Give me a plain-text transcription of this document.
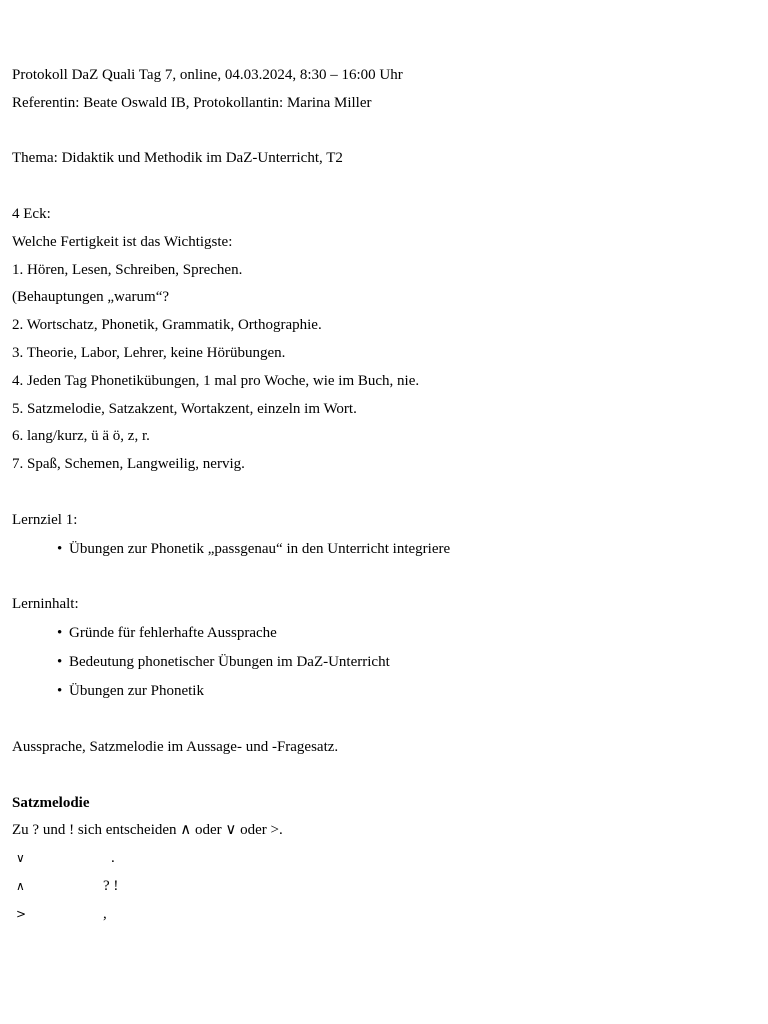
Protokoll DaZ Quali Tag 7, online, 04.03.2024, 8:30 – 16:00 Uhr
Referentin: Beate Oswald IB, Protokollantin: Marina Miller
Thema: Didaktik und Methodik im DaZ-Unterricht, T2
4 Eck:
Welche Fertigkeit ist das Wichtigste:
1. Hören, Lesen, Schreiben, Sprechen.
(Behauptungen „warum“?
2. Wortschatz, Phonetik, Grammatik, Orthographie.
3. Theorie, Labor, Lehrer, keine Hörübungen.
4. Jeden Tag Phonetikübungen, 1 mal pro Woche, wie im Buch, nie.
5. Satzmelodie, Satzakzent, Wortakzent, einzeln im Wort.
6. lang/kurz, ü ä ö, z, r.
7. Spaß, Schemen, Langweilig, nervig.
Lernziel 1:
• Übungen zur Phonetik „passgenau“ in den Unterricht integriere
Lerninhalt:
• Gründe für fehlerhafte Aussprache
• Bedeutung phonetischer Übungen im DaZ-Unterricht
• Übungen zur Phonetik
Aussprache, Satzmelodie im Aussage- und -Fragesatz.
Satzmelodie
Zu ? und ! sich entscheiden ∧ oder ∨ oder >.
∨	.
∧	? !
>	,
